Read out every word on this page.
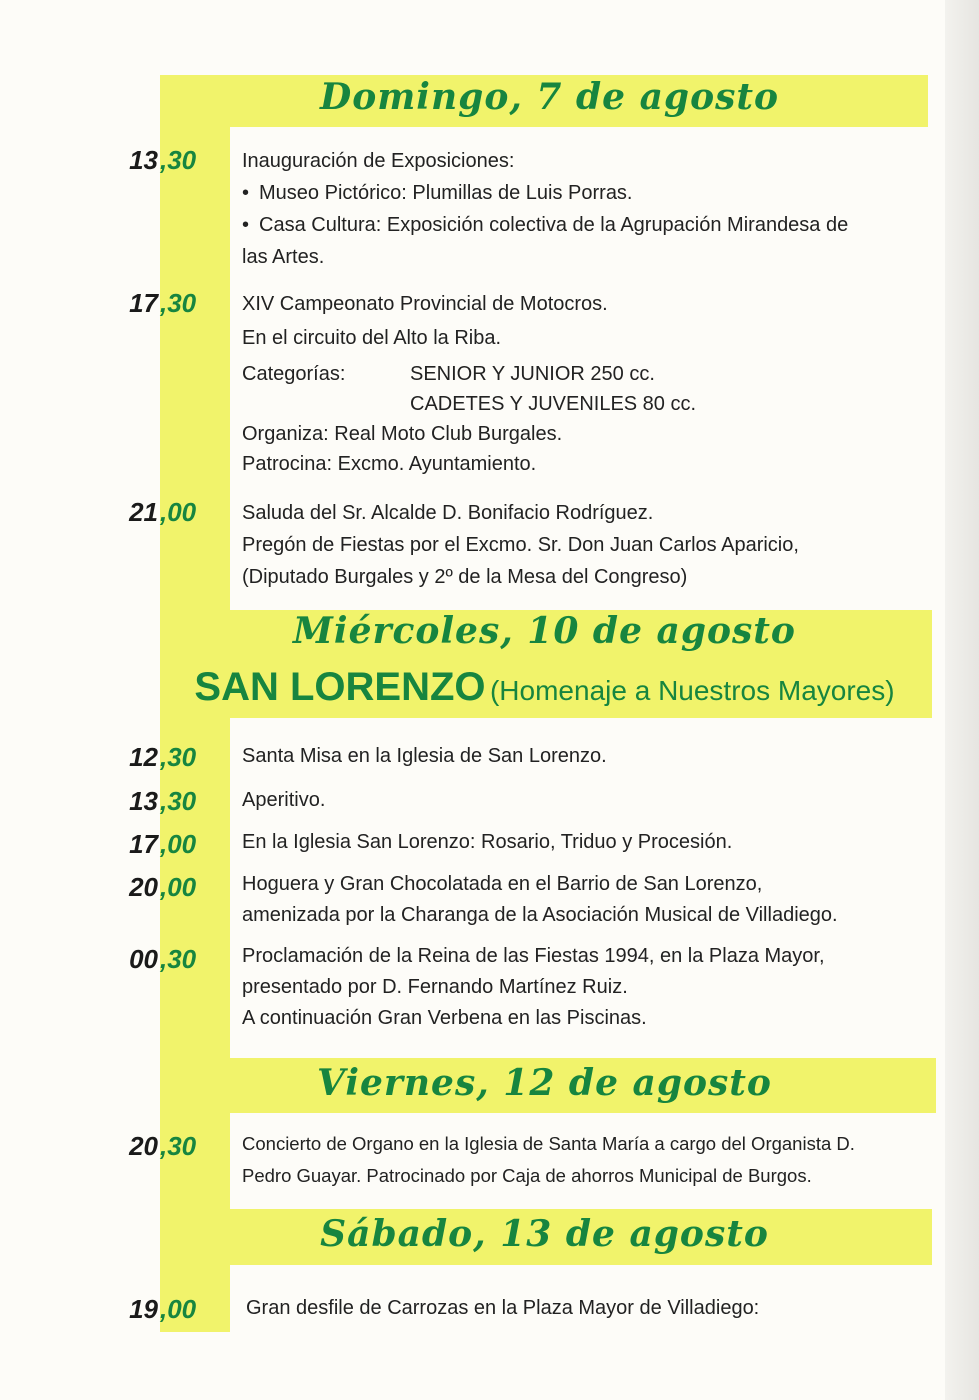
Domingo, 7 de agosto
Miércoles, 10 de agosto
SAN LORENZO (Homenaje a Nuestros Mayores)
Viernes, 12 de agosto
Sábado, 13 de agosto
13 ,30 Inauguración de Exposiciones:
• Museo Pictórico: Plumillas de Luis Porras.
• Casa Cultura: Exposición colectiva de la Agrupación Mirandesa de
las Artes.
17 ,30 XIV Campeonato Provincial de Motocros.
En el circuito del Alto la Riba.
Categorías:	SENIOR Y JUNIOR 250 cc.
CADETES Y JUVENILES 80 cc.
Organiza: Real Moto Club Burgales.
Patrocina: Excmo. Ayuntamiento.
21 ,00 Saluda del Sr. Alcalde D. Bonifacio Rodríguez.
Pregón de Fiestas por el Excmo. Sr. Don Juan Carlos Aparicio,
(Diputado Burgales y 2º de la Mesa del Congreso)
12 ,30 Santa Misa en la Iglesia de San Lorenzo.
13 ,30 Aperitivo.
17 ,00 En la Iglesia San Lorenzo: Rosario, Triduo y Procesión.
20 ,00 Hoguera y Gran Chocolatada en el Barrio de San Lorenzo,
amenizada por la Charanga de la Asociación Musical de Villadiego.
00 ,30 Proclamación de la Reina de las Fiestas 1994, en la Plaza Mayor,
presentado por D. Fernando Martínez Ruiz.
A continuación Gran Verbena en las Piscinas.
20 ,30 Concierto de Organo en la Iglesia de Santa María a cargo del Organista D.
Pedro Guayar. Patrocinado por Caja de ahorros Municipal de Burgos.
19 ,00 Gran desfile de Carrozas en la Plaza Mayor de Villadiego:
